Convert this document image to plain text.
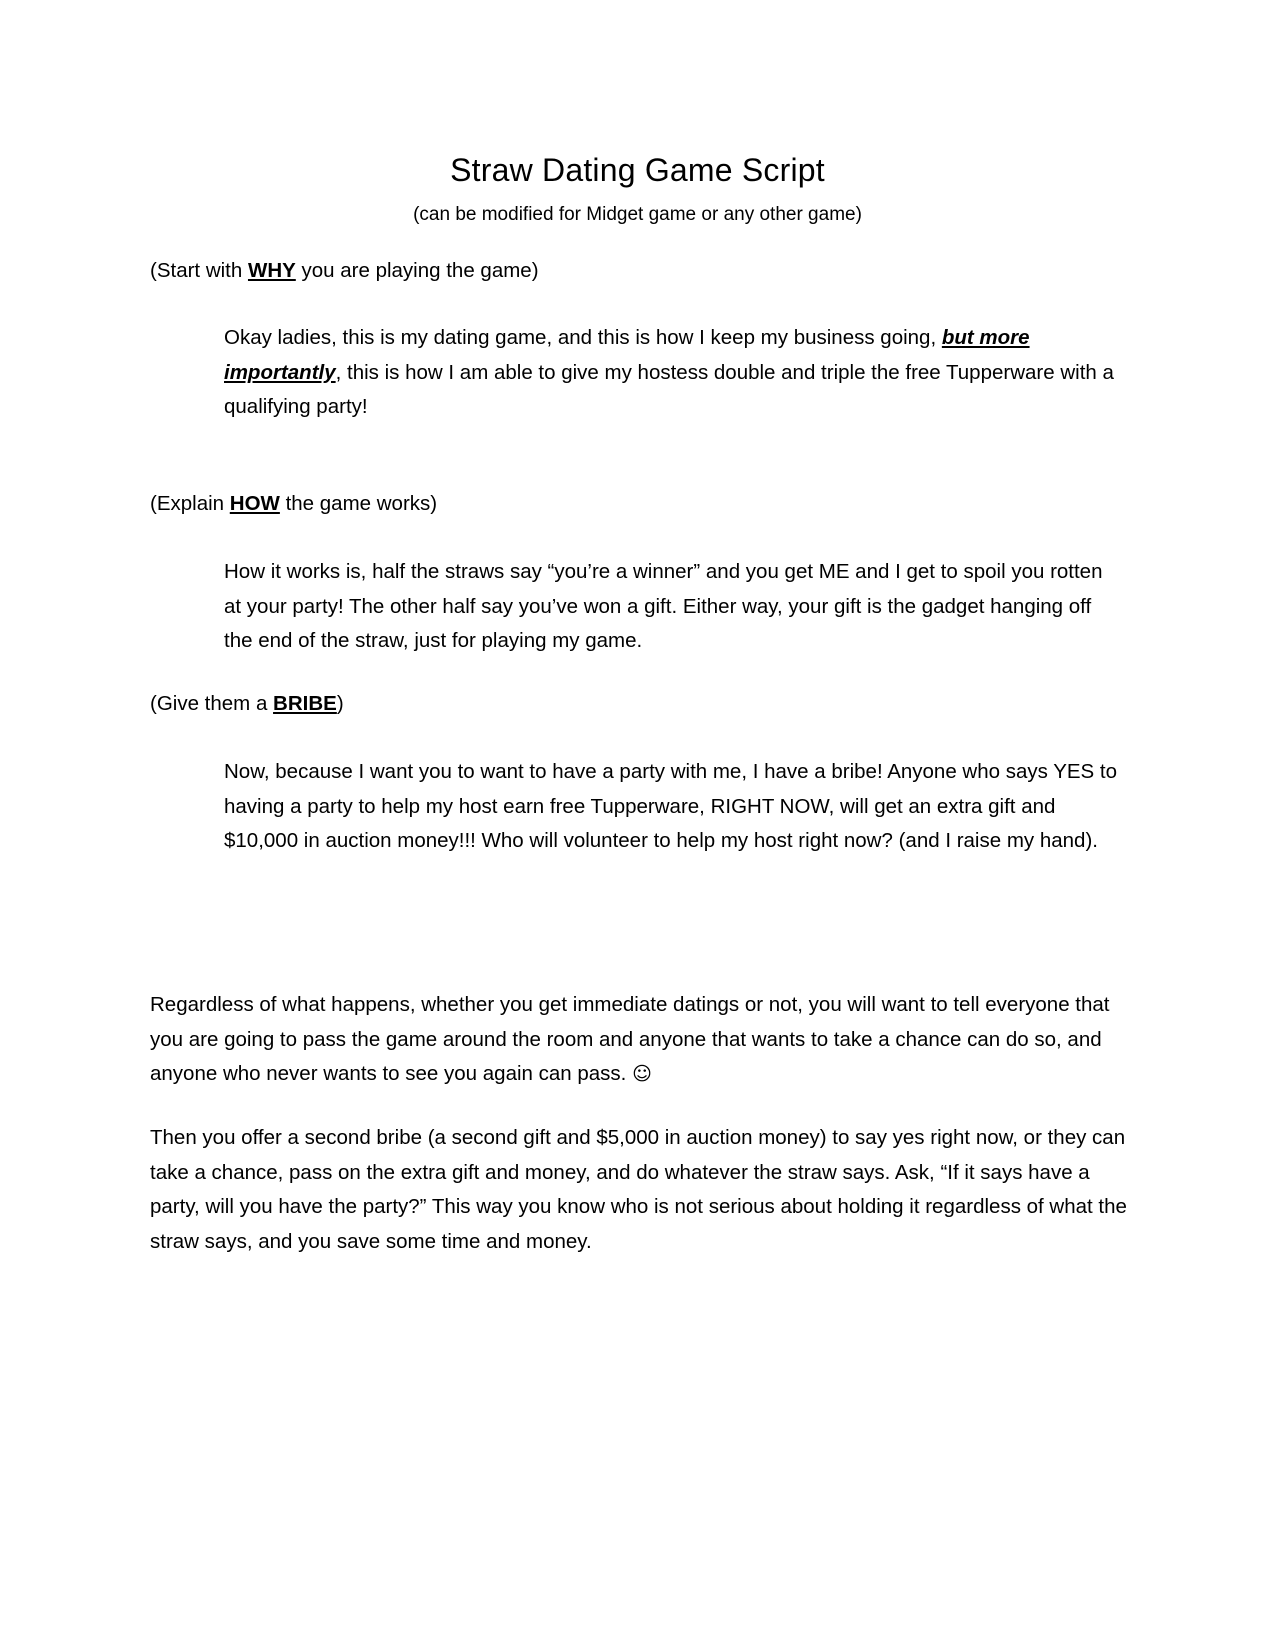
Straw Dating Game Script
(can be modified for Midget game or any other game)
(Start with WHY you are playing the game)
Okay ladies, this is my dating game, and this is how I keep my business going, but more importantly, this is how I am able to give my hostess double and triple the free Tupperware with a qualifying party!
(Explain HOW the game works)
How it works is, half the straws say “you’re a winner” and you get ME and I get to spoil you rotten at your party! The other half say you’ve won a gift. Either way, your gift is the gadget hanging off the end of the straw, just for playing my game.
(Give them a BRIBE)
Now, because I want you to want to have a party with me, I have a bribe! Anyone who says YES to having a party to help my host earn free Tupperware, RIGHT NOW, will get an extra gift and $10,000 in auction money!!! Who will volunteer to help my host right now? (and I raise my hand).
Regardless of what happens, whether you get immediate datings or not, you will want to tell everyone that you are going to pass the game around the room and anyone that wants to take a chance can do so, and anyone who never wants to see you again can pass. ☺
Then you offer a second bribe (a second gift and $5,000 in auction money) to say yes right now, or they can take a chance, pass on the extra gift and money, and do whatever the straw says. Ask, “If it says have a party, will you have the party?” This way you know who is not serious about holding it regardless of what the straw says, and you save some time and money.
